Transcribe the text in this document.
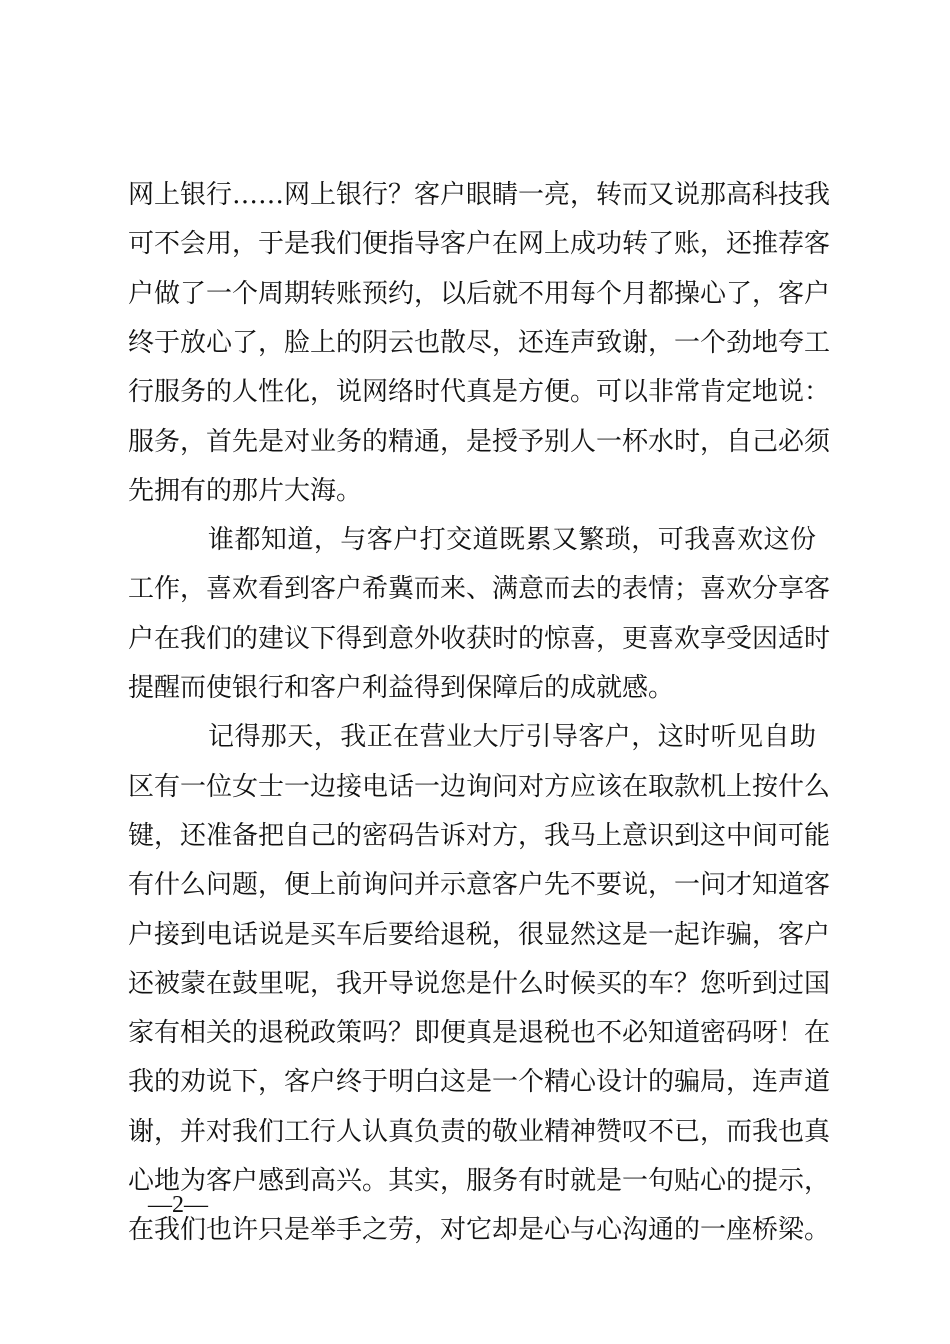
网上银行……网上银行？客户眼睛一亮，转而又说那高科技我
可不会用，于是我们便指导客户在网上成功转了账，还推荐客
户做了一个周期转账预约，以后就不用每个月都操心了，客户
终于放心了，脸上的阴云也散尽，还连声致谢，一个劲地夸工
行服务的人性化，说网络时代真是方便。可以非常肯定地说：
服务，首先是对业务的精通，是授予别人一杯水时，自己必须
先拥有的那片大海。
谁都知道，与客户打交道既累又繁琐，可我喜欢这份
工作，喜欢看到客户希冀而来、满意而去的表情；喜欢分享客
户在我们的建议下得到意外收获时的惊喜，更喜欢享受因适时
提醒而使银行和客户利益得到保障后的成就感。
记得那天，我正在营业大厅引导客户，这时听见自助
区有一位女士一边接电话一边询问对方应该在取款机上按什么
键，还准备把自己的密码告诉对方，我马上意识到这中间可能
有什么问题，便上前询问并示意客户先不要说，一问才知道客
户接到电话说是买车后要给退税，很显然这是一起诈骗，客户
还被蒙在鼓里呢，我开导说您是什么时候买的车？您听到过国
家有相关的退税政策吗？即便真是退税也不必知道密码呀！在
我的劝说下，客户终于明白这是一个精心设计的骗局，连声道
谢，并对我们工行人认真负责的敬业精神赞叹不已，而我也真
心地为客户感到高兴。其实，服务有时就是一句贴心的提示，
在我们也许只是举手之劳，对它却是心与心沟通的一座桥梁。
—2—
